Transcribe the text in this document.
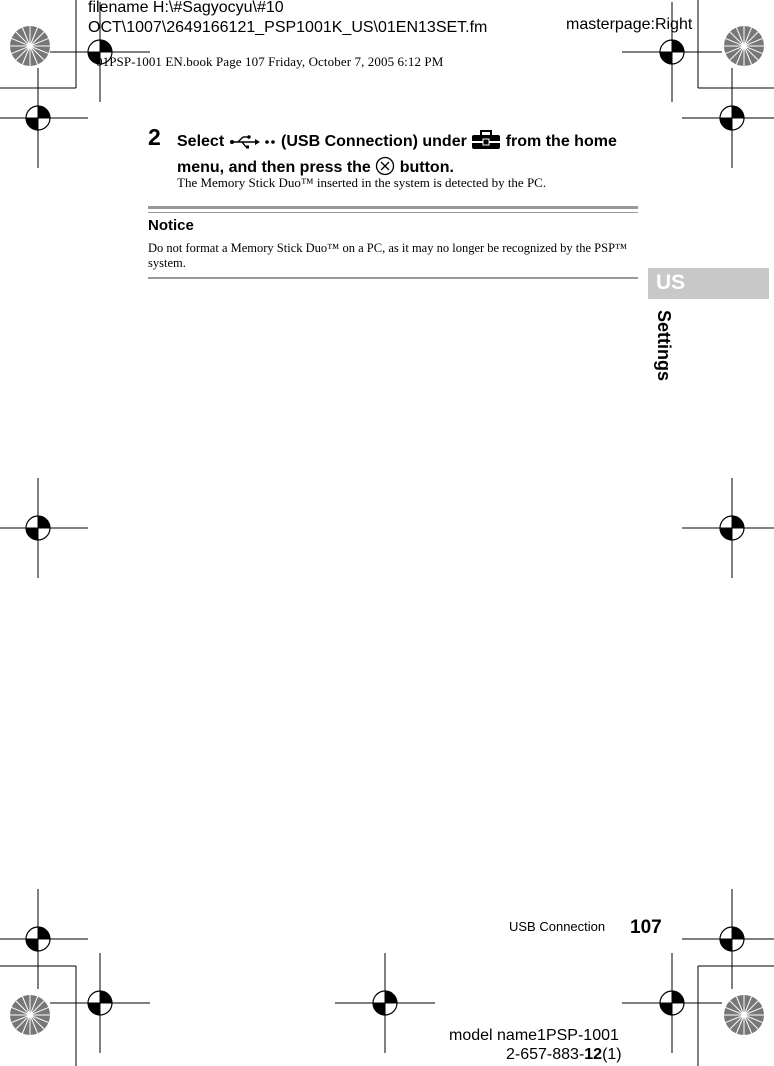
filename H:\#Sagyocyu\#10
OCT\1007\2649166121_PSP1001K_US\01EN13SET.fm	masterpage:Right
01PSP-1001 EN.book Page 107 Friday, October 7, 2005 6:12 PM
2 Select	(USB Connection) under from the home menu, and then press the button.
The Memory Stick Duo™ inserted in the system is detected by the PC.
Notice
Do not format a Memory Stick Duo™ on a PC, as it may no longer be recognized by the PSP™ system.
US
Settings
USB Connection 107
model name1PSP-1001
2-657-883-12(1)
